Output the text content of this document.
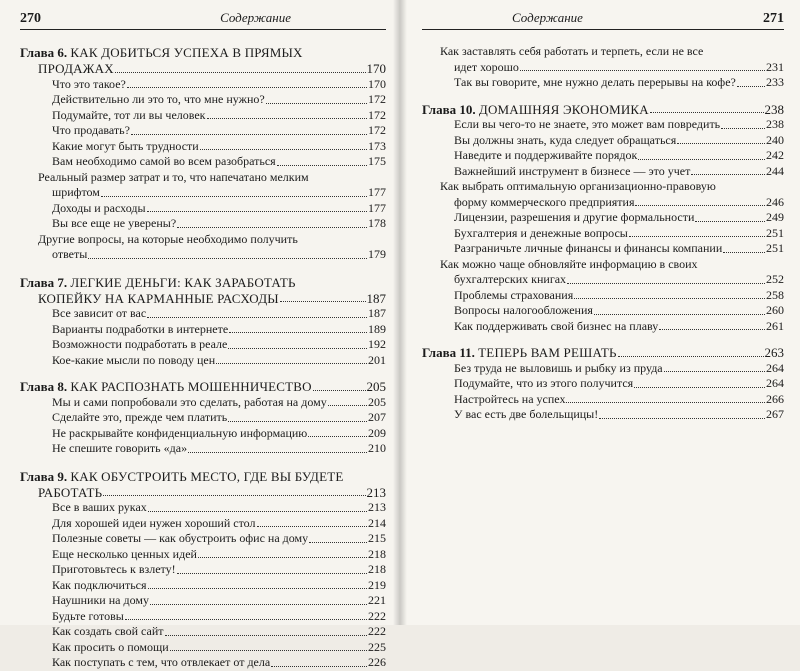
270	Содержание
Глава 6. КАК ДОБИТЬСЯ УСПЕХА В ПРЯМЫХ
ПРОДАЖАХ	170
Что это такое?	170
Действительно ли это то, что мне нужно?	172
Подумайте, тот ли вы человек	172
Что продавать?	172
Какие могут быть трудности	173
Вам необходимо самой во всем разобраться	175
Реальный размер затрат и то, что напечатано мелким
шрифтом	177
Доходы и расходы	177
Вы все еще не уверены?	178
Другие вопросы, на которые необходимо получить
ответы	179
Глава 7. ЛЕГКИЕ ДЕНЬГИ: КАК ЗАРАБОТАТЬ
КОПЕЙКУ НА КАРМАННЫЕ РАСХОДЫ	187
Все зависит от вас	187
Варианты подработки в интернете	189
Возможности подработать в реале	192
Кое-какие мысли по поводу цен	201
Глава 8. КАК РАСПОЗНАТЬ МОШЕННИЧЕСТВО	205
Мы и сами попробовали это сделать, работая на дому	205
Сделайте это, прежде чем платить	207
Не раскрывайте конфиденциальную информацию	209
Не спешите говорить «да»	210
Глава 9. КАК ОБУСТРОИТЬ МЕСТО, ГДЕ ВЫ БУДЕТЕ
РАБОТАТЬ	213
Все в ваших руках	213
Для хорошей идеи нужен хороший стол	214
Полезные советы — как обустроить офис на дому	215
Еще несколько ценных идей	218
Приготовьтесь к взлету!	218
Как подключиться	219
Наушники на дому	221
Будьте готовы	222
Как создать свой сайт	222
Как просить о помощи	225
Как поступать с тем, что отвлекает от дела	226
Содержание	271
Как заставлять себя работать и терпеть, если не все
идет хорошо	231
Так вы говорите, мне нужно делать перерывы на кофе?	233
Глава 10. ДОМАШНЯЯ ЭКОНОМИКА	238
Если вы чего-то не знаете, это может вам повредить	238
Вы должны знать, куда следует обращаться	240
Наведите и поддерживайте порядок	242
Важнейший инструмент в бизнесе — это учет	244
Как выбрать оптимальную организационно-правовую
форму коммерческого предприятия	246
Лицензии, разрешения и другие формальности	249
Бухгалтерия и денежные вопросы	251
Разграничьте личные финансы и финансы компании	251
Как можно чаще обновляйте информацию в своих
бухгалтерских книгах	252
Проблемы страхования	258
Вопросы налогообложения	260
Как поддерживать свой бизнес на плаву	261
Глава 11. ТЕПЕРЬ ВАМ РЕШАТЬ	263
Без труда не выловишь и рыбку из пруда	264
Подумайте, что из этого получится	264
Настройтесь на успех	266
У вас есть две болельщицы!	267
